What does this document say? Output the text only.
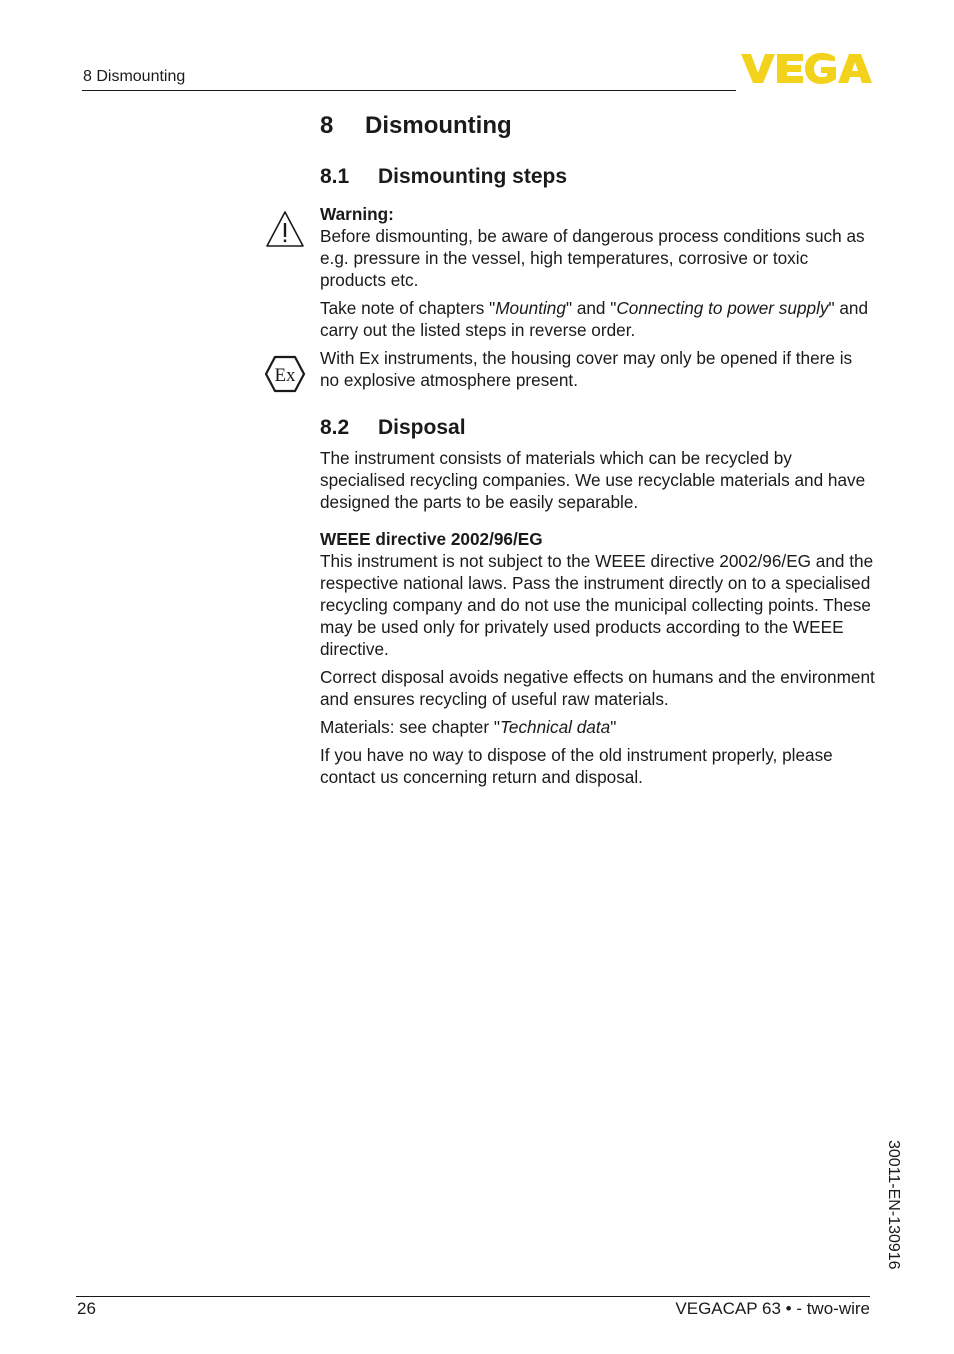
8 Dismounting
8 Dismounting
8.1 Dismounting steps

Warning:

Before dismounting, be aware of dangerous process conditions such as e.g. pressure in the vessel, high temperatures, corrosive or toxic products etc.

Take note of chapters "Mounting" and "Connecting to power supply" and carry out the listed steps in reverse order.

With Ex instruments, the housing cover may only be opened if there is no explosive atmosphere present.

Ex
8.2 Disposal

The instrument consists of materials which can be recycled by specialised recycling companies. We use recyclable materials and have designed the parts to be easily separable.

WEEE directive 2002/96/EG

This instrument is not subject to the WEEE directive 2002/96/EG and the respective national laws. Pass the instrument directly on to a specialised recycling company and do not use the municipal collecting points. These may be used only for privately used products according to the WEEE directive.

Correct disposal avoids negative effects on humans and the environment and ensures recycling of useful raw materials.

Materials: see chapter "Technical data"

If you have no way to dispose of the old instrument properly, please contact us concerning return and disposal.

30011-EN-130916
26	VEGACAP 63 • - two-wire
